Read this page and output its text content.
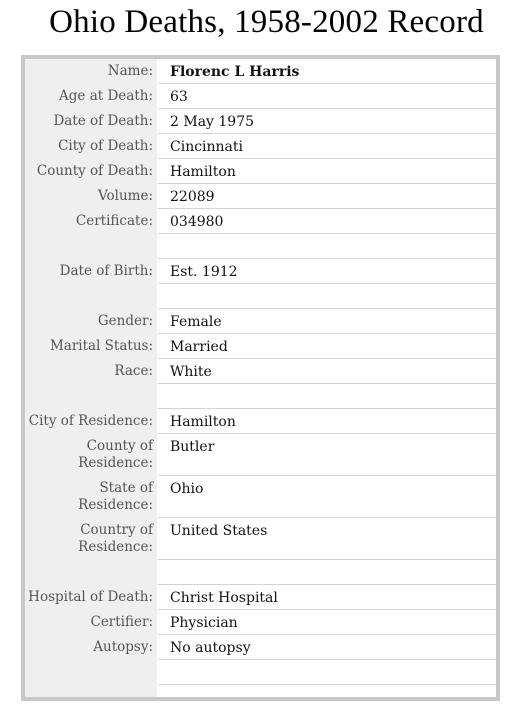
Ohio Deaths, 1958-2002 Record
Name: Florenc L Harris
Age at Death: 63
Date of Death: 2 May 1975
City of Death: Cincinnati
County of Death: Hamilton
Volume: 22089
Certificate: 034980
Date of Birth: Est. 1912
Gender: Female
Marital Status: Married
Race: White
City of Residence: Hamilton
County of Residence:
Butler
State of Residence:
Ohio
Country of Residence:
United States
Hospital of Death: Christ Hospital
Certifier: Physician
Autopsy: No autopsy
